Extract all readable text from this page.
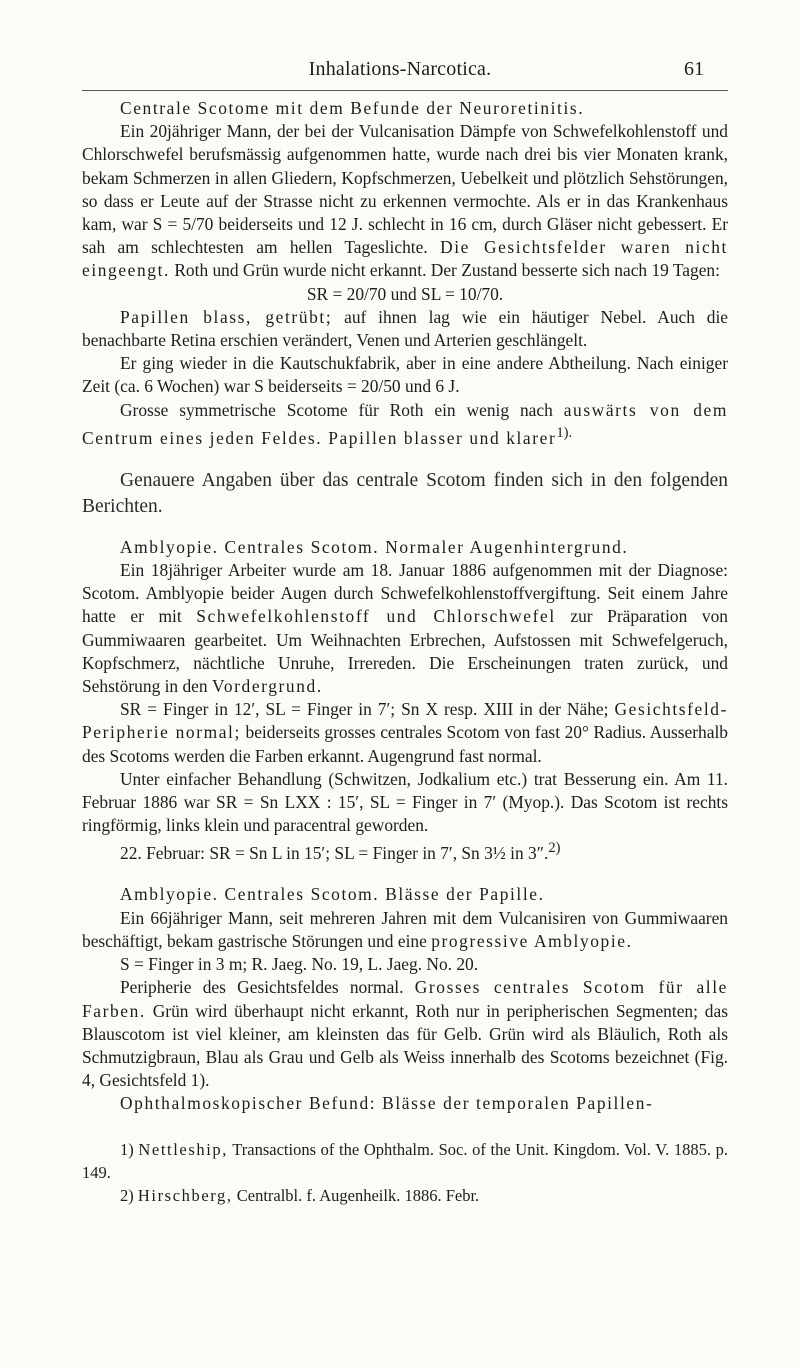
Inhalations-Narcotica.	61

Centrale Scotome mit dem Befunde der Neuroretinitis.

Ein 20jähriger Mann, der bei der Vulcanisation Dämpfe von Schwefelkohlenstoff und Chlorschwefel berufsmässig aufgenommen hatte, wurde nach drei bis vier Monaten krank, bekam Schmerzen in allen Gliedern, Kopfschmerzen, Uebelkeit und plötzlich Sehstörungen, so dass er Leute auf der Strasse nicht zu erkennen vermochte. Als er in das Krankenhaus kam, war S = 5/70 beiderseits und 12 J. schlecht in 16 cm, durch Gläser nicht gebessert. Er sah am schlechtesten am hellen Tageslichte. Die Gesichtsfelder waren nicht eingeengt. Roth und Grün wurde nicht erkannt. Der Zustand besserte sich nach 19 Tagen:

SR = 20/70 und SL = 10/70.

Papillen blass, getrübt; auf ihnen lag wie ein häutiger Nebel. Auch die benachbarte Retina erschien verändert, Venen und Arterien geschlängelt.

Er ging wieder in die Kautschukfabrik, aber in eine andere Abtheilung. Nach einiger Zeit (ca. 6 Wochen) war S beiderseits = 20/50 und 6 J.

Grosse symmetrische Scotome für Roth ein wenig nach auswärts von dem Centrum eines jeden Feldes. Papillen blasser und klarer$^{1).}$

Genauere Angaben über das centrale Scotom finden sich in den folgenden Berichten.

Amblyopie. Centrales Scotom. Normaler Augenhintergrund.

Ein 18jähriger Arbeiter wurde am 18. Januar 1886 aufgenommen mit der Diagnose: Scotom. Amblyopie beider Augen durch Schwefelkohlenstoffvergiftung. Seit einem Jahre hatte er mit Schwefelkohlenstoff und Chlorschwefel zur Präparation von Gummiwaaren gearbeitet. Um Weihnachten Erbrechen, Aufstossen mit Schwefelgeruch, Kopfschmerz, nächtliche Unruhe, Irrereden. Die Erscheinungen traten zurück, und Sehstörung in den Vordergrund.

SR = Finger in 12′, SL = Finger in 7′; Sn X resp. XIII in der Nähe; Gesichtsfeld-Peripherie normal; beiderseits grosses centrales Scotom von fast 20° Radius. Ausserhalb des Scotoms werden die Farben erkannt. Augengrund fast normal.

Unter einfacher Behandlung (Schwitzen, Jodkalium etc.) trat Besserung ein. Am 11. Februar 1886 war SR = Sn LXX : 15′, SL = Finger in 7′ (Myop.). Das Scotom ist rechts ringförmig, links klein und paracentral geworden.

22. Februar: SR = Sn L in 15′; SL = Finger in 7′, Sn 3½ in 3″.$^{2)}$

Amblyopie. Centrales Scotom. Blässe der Papille.

Ein 66jähriger Mann, seit mehreren Jahren mit dem Vulcanisiren von Gummiwaaren beschäftigt, bekam gastrische Störungen und eine progressive Amblyopie.

S = Finger in 3 m; R. Jaeg. No. 19, L. Jaeg. No. 20.

Peripherie des Gesichtsfeldes normal. Grosses centrales Scotom für alle Farben. Grün wird überhaupt nicht erkannt, Roth nur in peripherischen Segmenten; das Blauscotom ist viel kleiner, am kleinsten das für Gelb. Grün wird als Bläulich, Roth als Schmutzigbraun, Blau als Grau und Gelb als Weiss innerhalb des Scotoms bezeichnet (Fig. 4, Gesichtsfeld 1).

Ophthalmoskopischer Befund: Blässe der temporalen Papillen-

1) Nettleship, Transactions of the Ophthalm. Soc. of the Unit. Kingdom. Vol. V. 1885. p. 149.

2) Hirschberg, Centralbl. f. Augenheilk. 1886. Febr.
